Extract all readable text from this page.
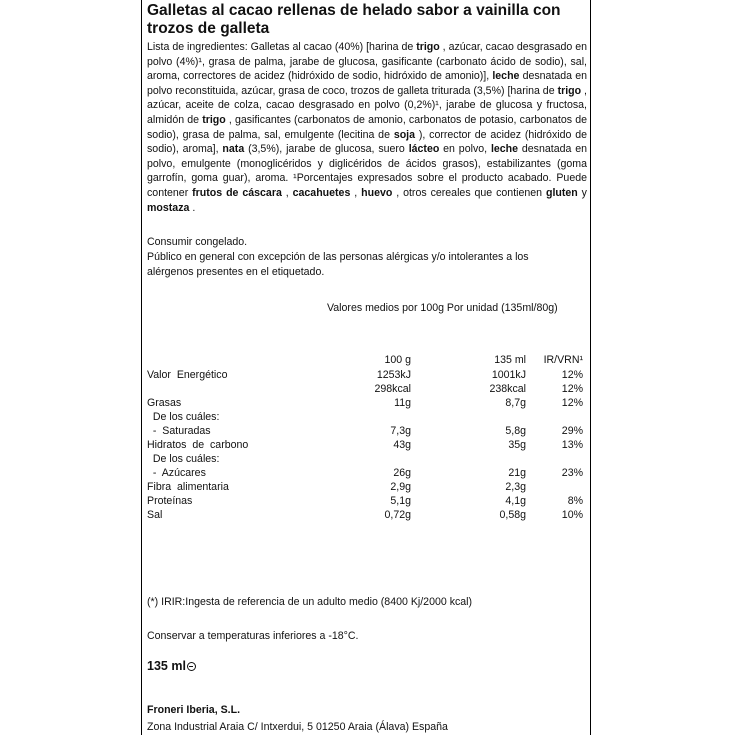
Galletas al cacao rellenas de helado sabor a vainilla con trozos de galleta
Lista de ingredientes: Galletas al cacao (40%) [harina de trigo , azúcar, cacao desgrasado en polvo (4%)¹, grasa de palma, jarabe de glucosa, gasificante (carbonato ácido de sodio), sal, aroma, correctores de acidez (hidróxido de sodio, hidróxido de amonio)], leche desnatada en polvo reconstituida, azúcar, grasa de coco, trozos de galleta triturada (3,5%) [harina de trigo , azúcar, aceite de colza, cacao desgrasado en polvo (0,2%)¹, jarabe de glucosa y fructosa, almidón de trigo , gasificantes (carbonatos de amonio, carbonatos de potasio, carbonatos de sodio), grasa de palma, sal, emulgente (lecitina de soja ), corrector de acidez (hidróxido de sodio), aroma], nata (3,5%), jarabe de glucosa, suero lácteo en polvo, leche desnatada en polvo, emulgente (monoglicéridos y diglicéridos de ácidos grasos), estabilizantes (goma garrofín, goma guar), aroma. ¹Porcentajes expresados sobre el producto acabado. Puede contener frutos de cáscara , cacahuetes , huevo , otros cereales que contienen gluten y mostaza .
Consumir congelado.
Público en general con excepción de las personas alérgicas y/o intolerantes a los
alérgenos presentes en el etiquetado.
Valores medios por 100g Por unidad (135ml/80g)
100 g	135 ml	IR/VRN¹
Valor  Energético	1253kJ	1001kJ	12%
298kcal	238kcal	12%
Grasas	11g	8,7g	12%
De los cuáles:
-  Saturadas	7,3g	5,8g	29%
Hidratos  de  carbono	43g	35g	13%
De los cuáles:
-  Azúcares	26g	21g	23%
Fibra  alimentaria	2,9g	2,3g
Proteínas	5,1g	4,1g	8%
Sal	0,72g	0,58g	10%
(*) IRIR:Ingesta de referencia de un adulto medio (8400 Kj/2000 kcal)
Conservar a temperaturas inferiores a -18°C.
135 ml
Froneri Iberia, S.L.
Zona Industrial Araia C/ Intxerdui, 5 01250 Araia (Álava) España
